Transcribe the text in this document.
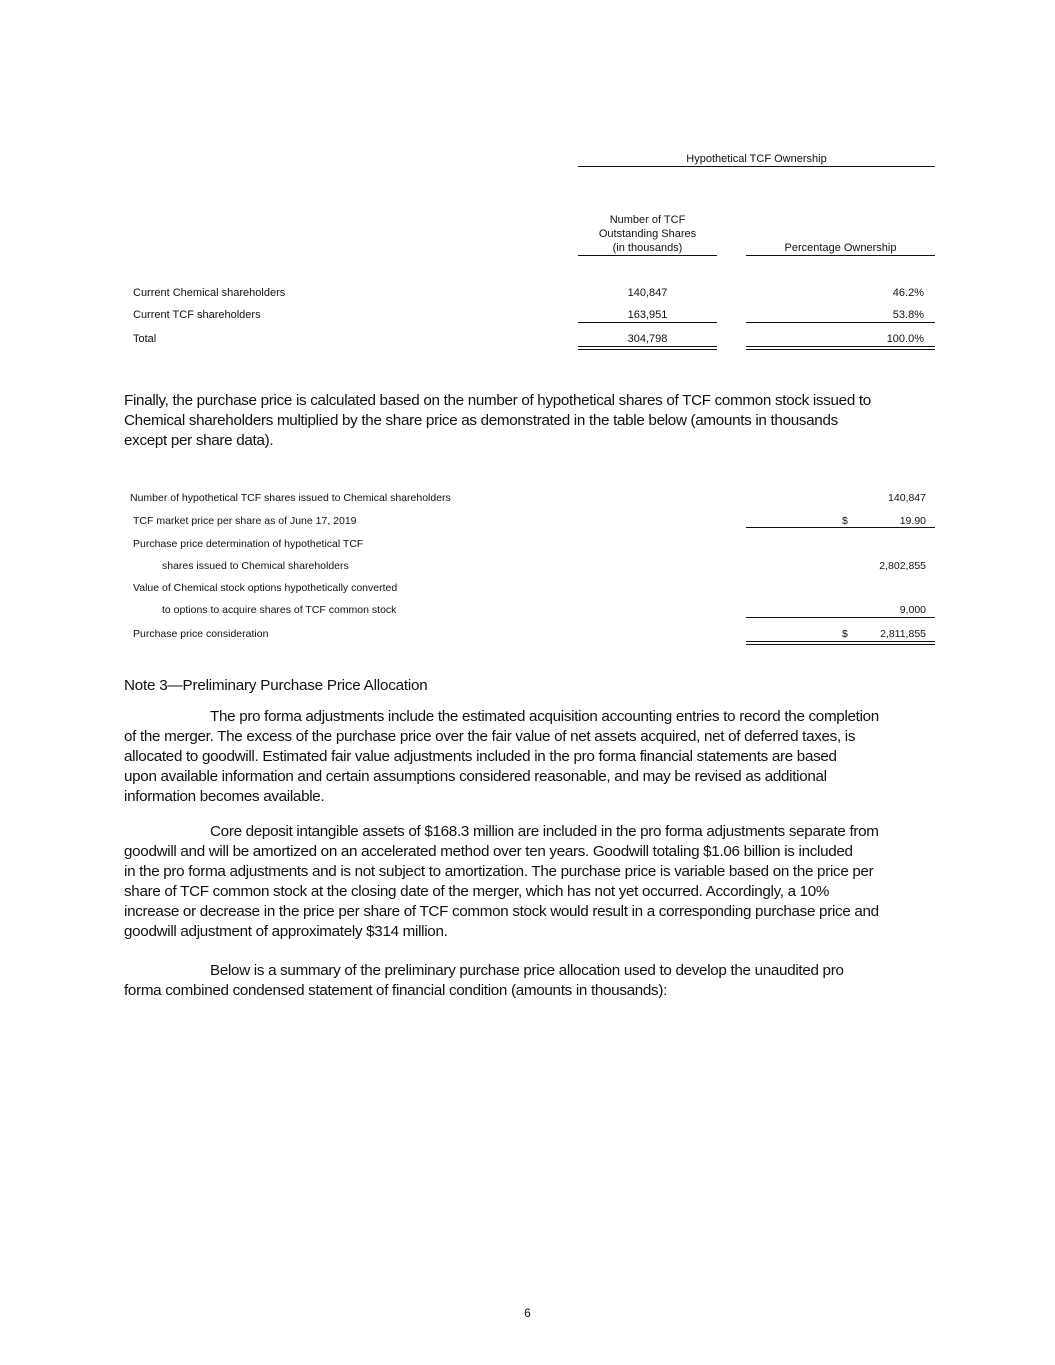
Hypothetical TCF Ownership
Number of TCF
Outstanding Shares
(in thousands)	Percentage Ownership
Current Chemical shareholders	140,847	46.2%
Current TCF shareholders	163,951	53.8%
Total	304,798	100.0%
Finally, the purchase price is calculated based on the number of hypothetical shares of TCF common stock issued to
Chemical shareholders multiplied by the share price as demonstrated in the table below (amounts in thousands
except per share data).
Number of hypothetical TCF shares issued to Chemical shareholders	140,847
TCF market price per share as of June 17, 2019	$	19.90
Purchase price determination of hypothetical TCF
shares issued to Chemical shareholders	2,802,855
Value of Chemical stock options hypothetically converted
to options to acquire shares of TCF common stock	9,000
Purchase price consideration	$	2,811,855
Note 3—Preliminary Purchase Price Allocation
The pro forma adjustments include the estimated acquisition accounting entries to record the completion
of the merger. The excess of the purchase price over the fair value of net assets acquired, net of deferred taxes, is
allocated to goodwill. Estimated fair value adjustments included in the pro forma financial statements are based
upon available information and certain assumptions considered reasonable, and may be revised as additional
information becomes available.
Core deposit intangible assets of $168.3 million are included in the pro forma adjustments separate from
goodwill and will be amortized on an accelerated method over ten years. Goodwill totaling $1.06 billion is included
in the pro forma adjustments and is not subject to amortization. The purchase price is variable based on the price per
share of TCF common stock at the closing date of the merger, which has not yet occurred. Accordingly, a 10%
increase or decrease in the price per share of TCF common stock would result in a corresponding purchase price and
goodwill adjustment of approximately $314 million.
Below is a summary of the preliminary purchase price allocation used to develop the unaudited pro
forma combined condensed statement of financial condition (amounts in thousands):
6
